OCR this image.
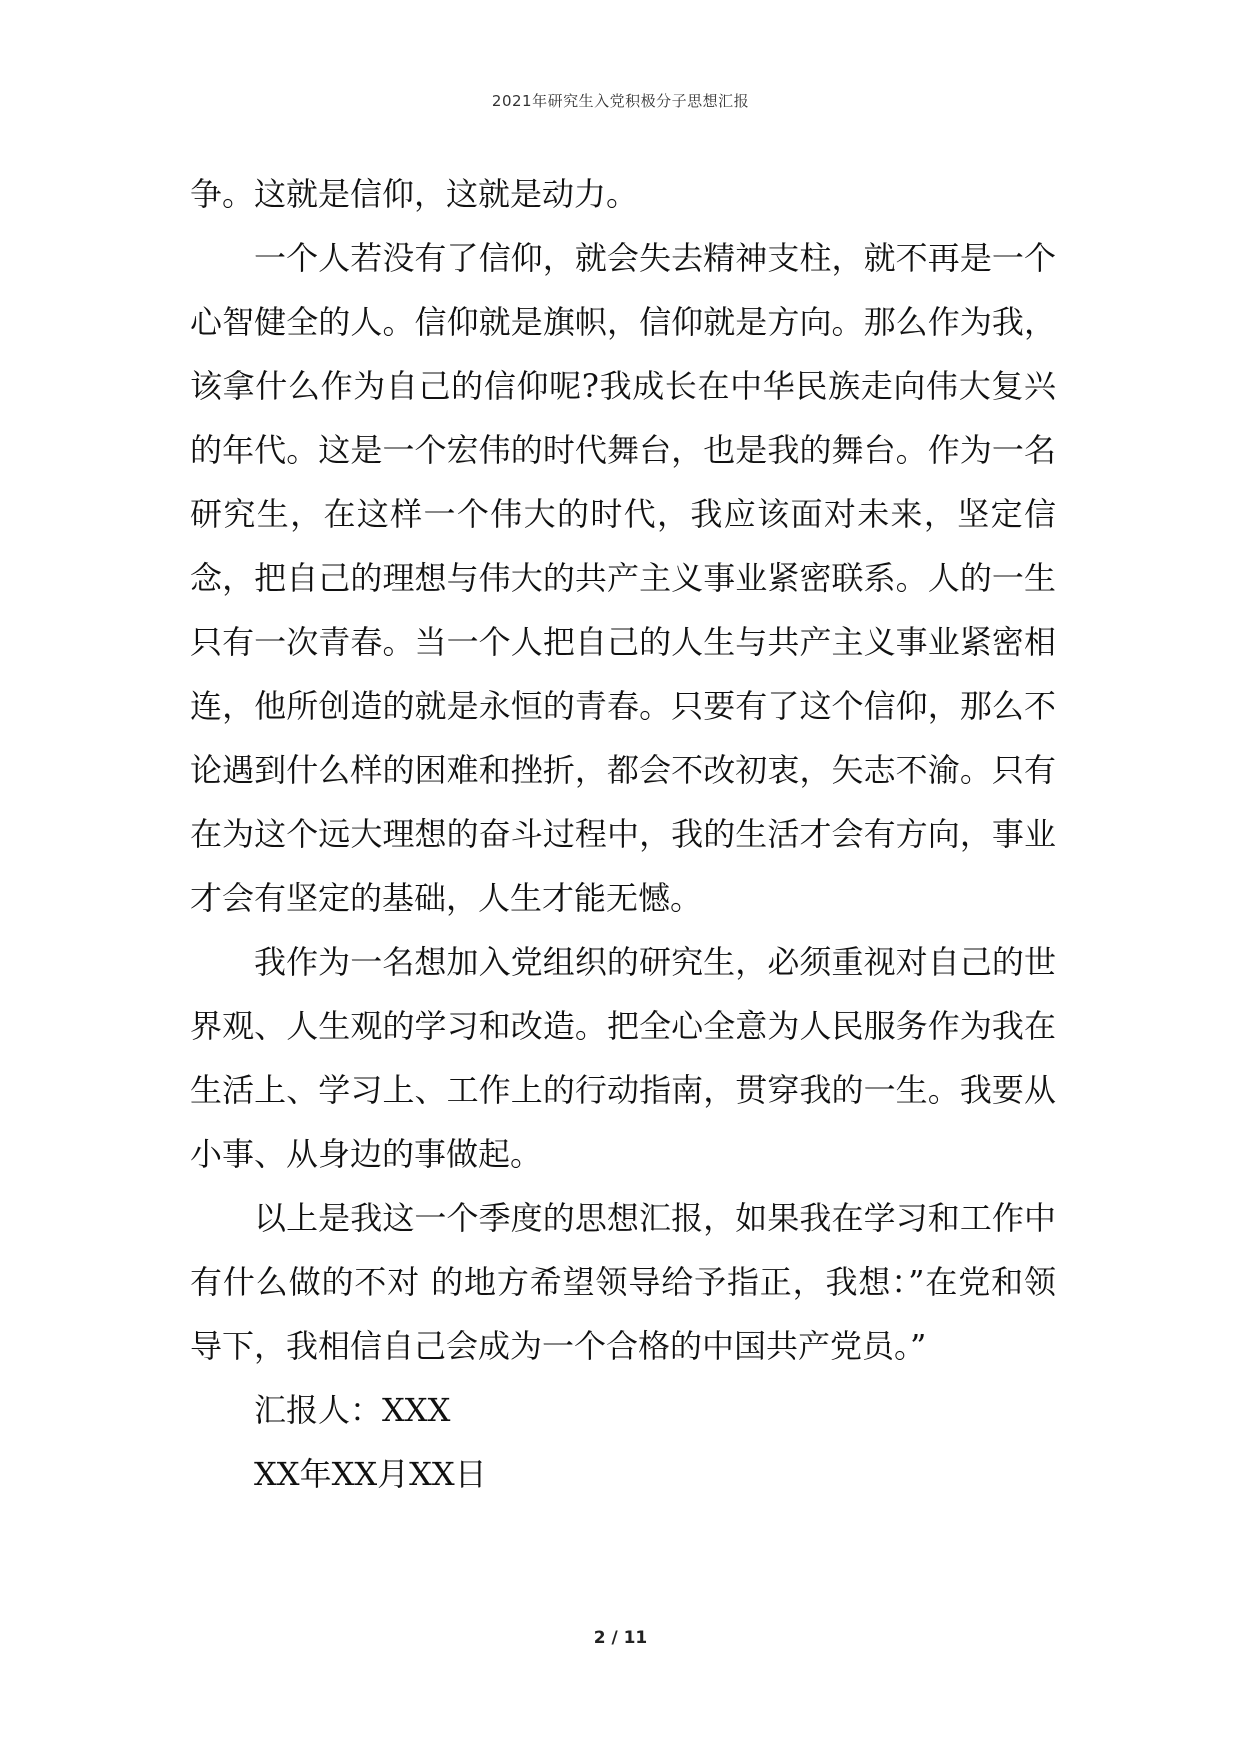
2021年研究生入党积极分子思想汇报

争。这就是信仰，这就是动力。

一个人若没有了信仰，就会失去精神支柱，就不再是一个心智健全的人。信仰就是旗帜，信仰就是方向。那么作为我，该拿什么作为自己的信仰呢?我成长在中华民族走向伟大复兴的年代。这是一个宏伟的时代舞台，也是我的舞台。作为一名研究生，在这样一个伟大的时代，我应该面对未来，坚定信念，把自己的理想与伟大的共产主义事业紧密联系。人的一生只有一次青春。当一个人把自己的人生与共产主义事业紧密相连，他所创造的就是永恒的青春。只要有了这个信仰，那么不论遇到什么样的困难和挫折，都会不改初衷，矢志不渝。只有在为这个远大理想的奋斗过程中，我的生活才会有方向，事业才会有坚定的基础，人生才能无憾。

我作为一名想加入党组织的研究生，必须重视对自己的世界观、人生观的学习和改造。把全心全意为人民服务作为我在生活上、学习上、工作上的行动指南，贯穿我的一生。我要从小事、从身边的事做起。

以上是我这一个季度的思想汇报，如果我在学习和工作中有什么做的不对 的地方希望领导给予指正，我想：”在党和领导下，我相信自己会成为一个合格的中国共产党员。”

汇报人：XXX

XX年XX月XX日

2 / 11
